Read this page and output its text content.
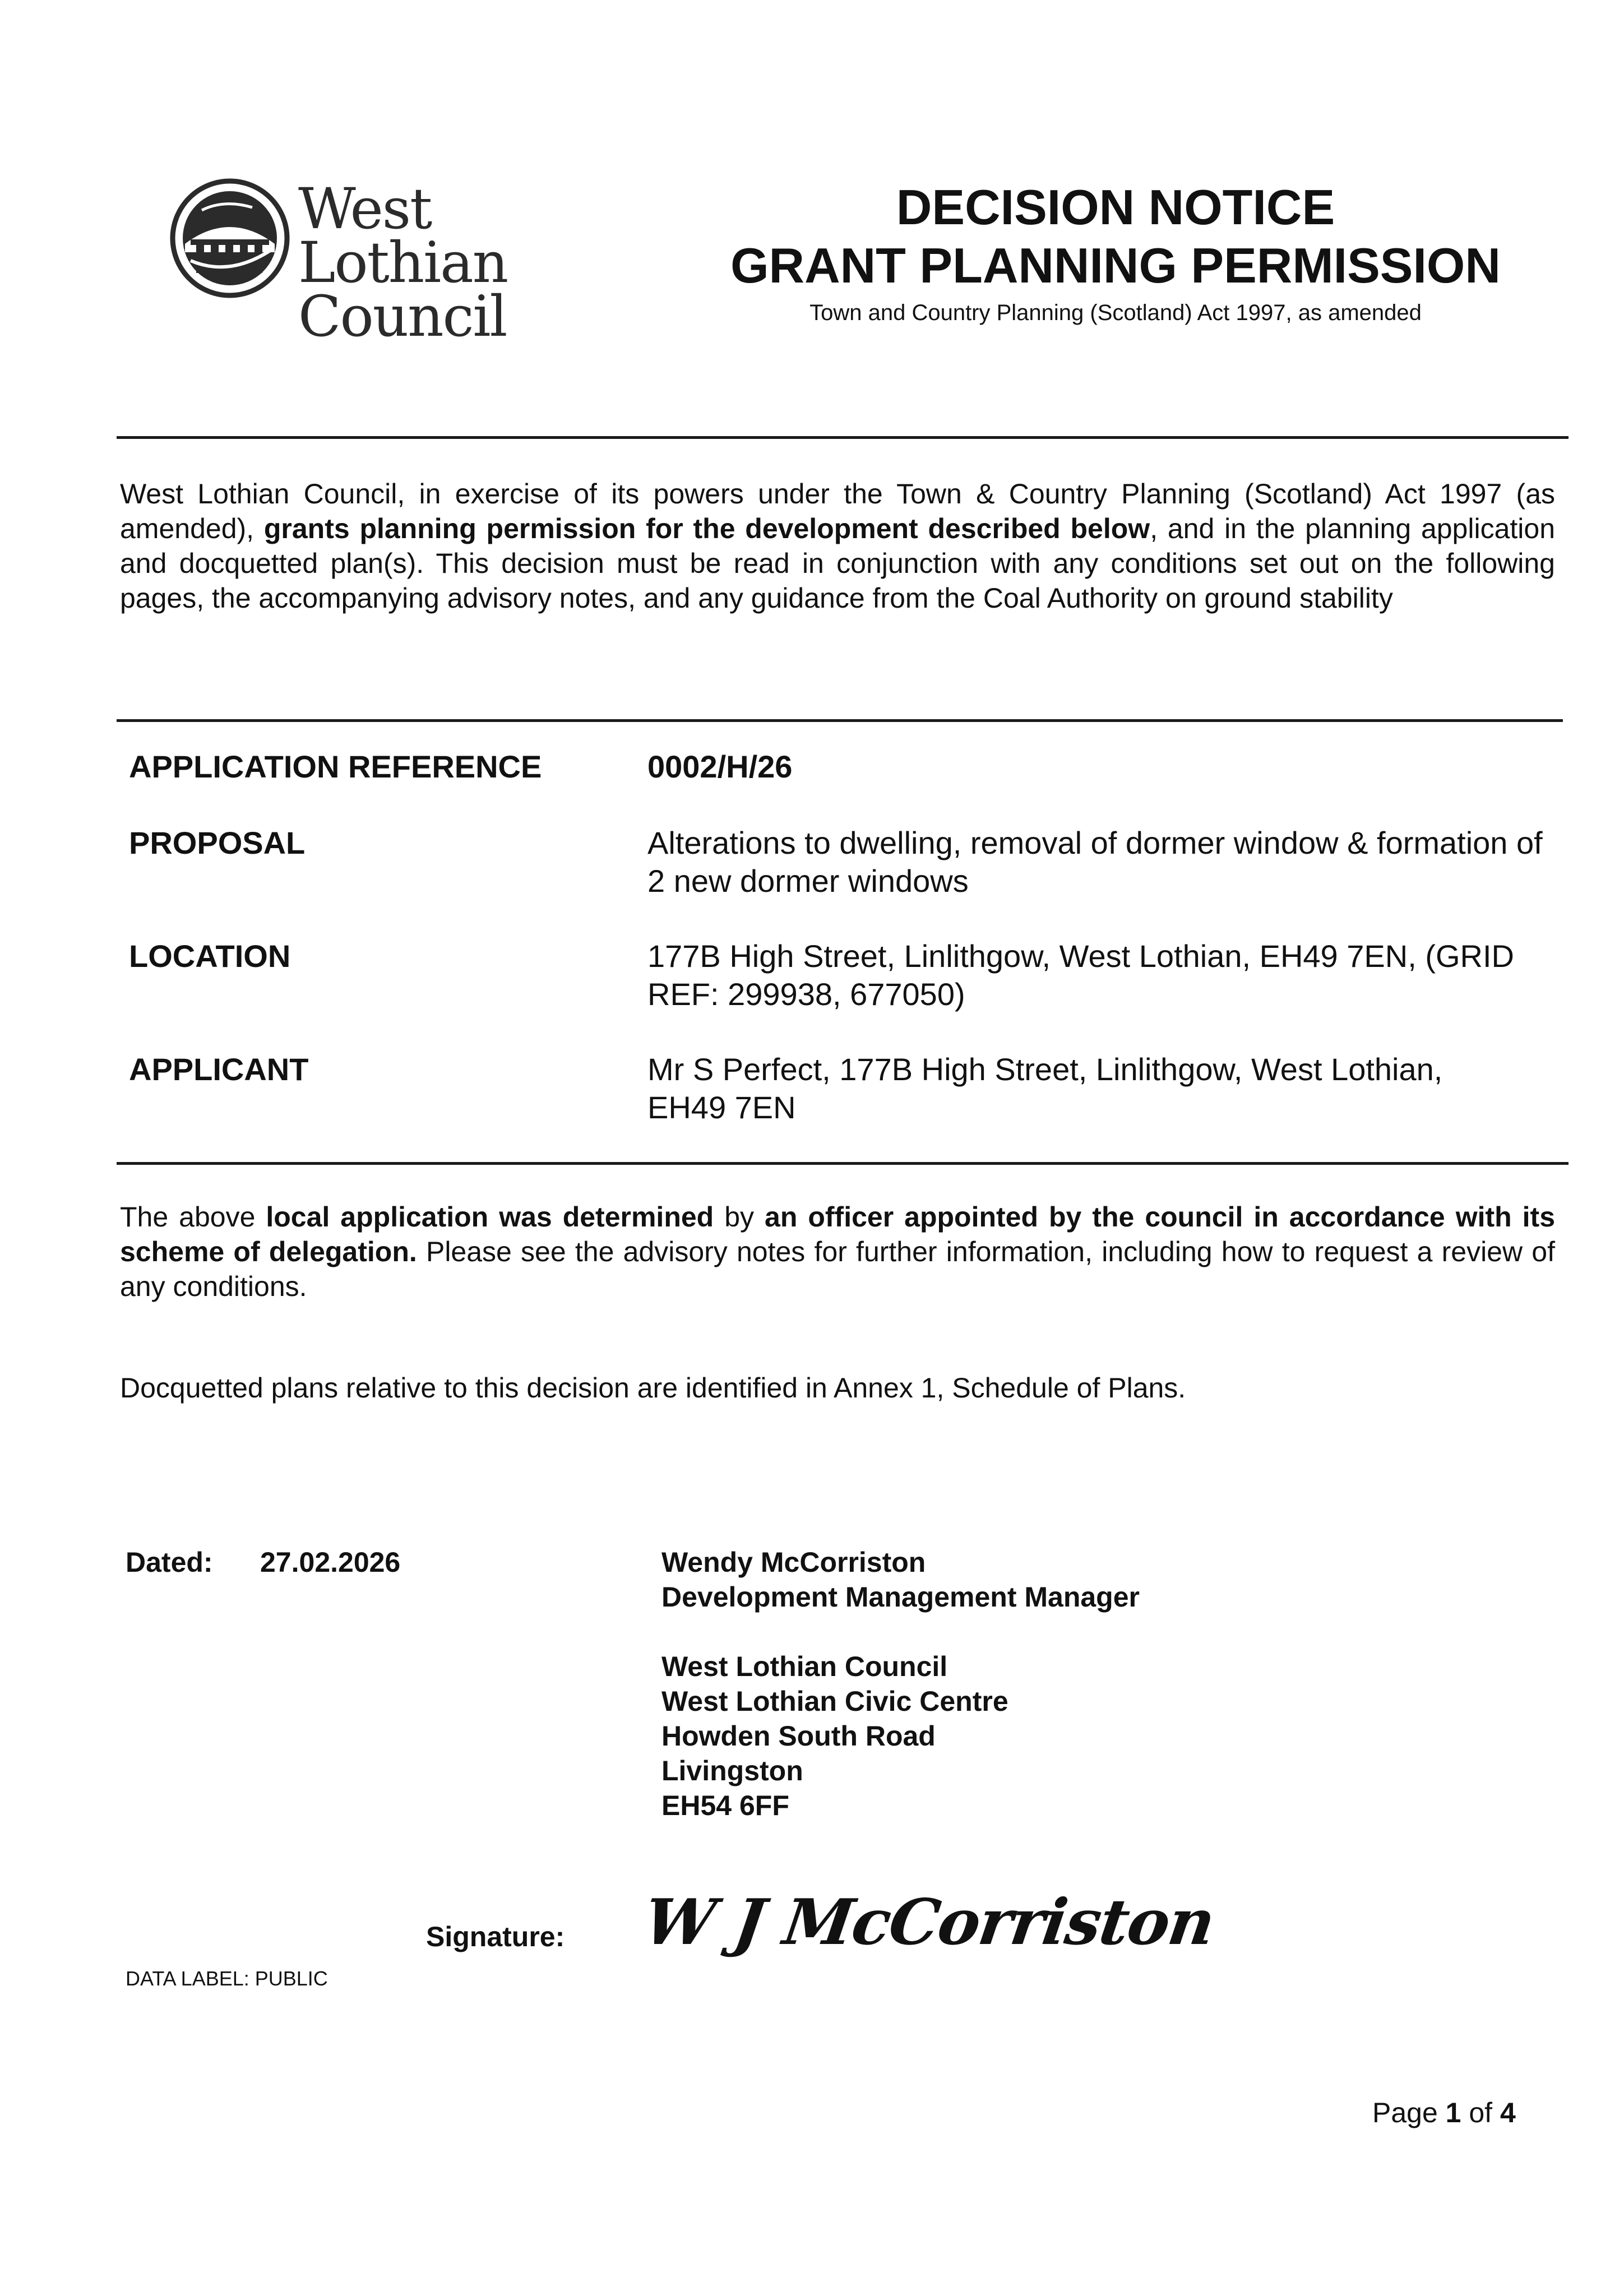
West Lothian
Council
DECISION NOTICE
GRANT PLANNING PERMISSION
Town and Country Planning (Scotland) Act 1997, as amended
West Lothian Council, in exercise of its powers under the Town & Country Planning (Scotland) Act 1997 (as amended), grants planning permission for the development described below, and in the planning application and docquetted plan(s). This decision must be read in conjunction with any conditions set out on the following pages, the accompanying advisory notes, and any guidance from the Coal Authority on ground stability
APPLICATION REFERENCE	0002/H/26
PROPOSAL	Alterations to dwelling, removal of dormer window & formation of 2 new dormer windows
LOCATION	177B High Street, Linlithgow, West Lothian, EH49 7EN, (GRID REF: 299938, 677050)
APPLICANT	Mr S Perfect, 177B High Street, Linlithgow, West Lothian, EH49 7EN
The above local application was determined by an officer appointed by the council in accordance with its scheme of delegation. Please see the advisory notes for further information, including how to request a review of any conditions.
Docquetted plans relative to this decision are identified in Annex 1, Schedule of Plans.
Dated: 27.02.2026	Wendy McCorriston
Development Management Manager
West Lothian Council
West Lothian Civic Centre
Howden South Road
Livingston
EH54 6FF
Signature: W J McCorriston
DATA LABEL: PUBLIC
Page 1 of 4
